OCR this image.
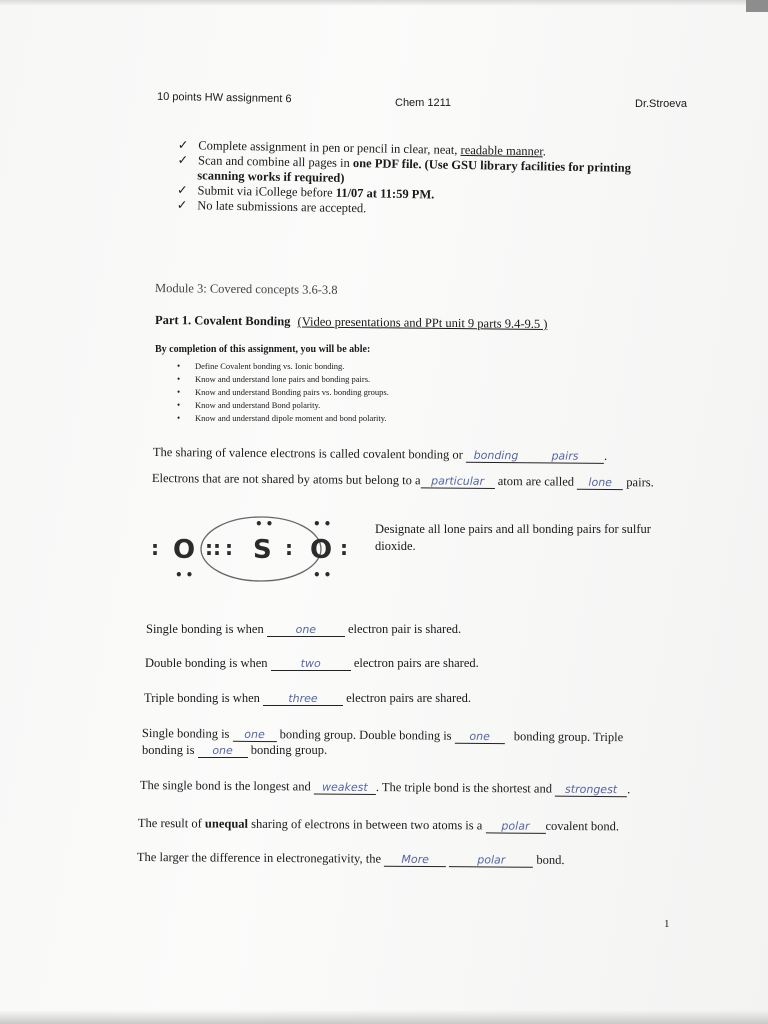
10 points HW assignment 6	Chem 1211	Dr.Stroeva
✓ Complete assignment in pen or pencil in clear, neat, readable manner.
✓ Scan and combine all pages in one PDF file. (Use GSU library facilities for printing
scanning works if required)
✓ Submit via iCollege before 11/07 at 11:59 PM.
✓ No late submissions are accepted.
Module 3: Covered concepts 3.6-3.8
Part 1. Covalent Bonding (Video presentations and PPt unit 9 parts 9.4-9.5 )
By completion of this assignment, you will be able:
• Define Covalent bonding vs. Ionic bonding.
• Know and understand lone pairs and bonding pairs.
• Know and understand Bonding pairs vs. bonding groups.
• Know and understand Bond polarity.
• Know and understand dipole moment and bond polarity.
The sharing of valence electrons is called covalent bonding or bonding	pairs .
Electrons that are not shared by atoms but belong to a particular atom are called lone pairs.
: O
••
:: :
••
S :
••
O :
••
Designate all lone pairs and all bonding pairs for sulfur
dioxide.
Single bonding is when	one	electron pair is shared.
Double bonding is when	two	electron pairs are shared.
Triple bonding is when	three electron pairs are shared.
Single bonding is one bonding group. Double bonding is one bonding group. Triple
bonding is one bonding group.
The single bond is the longest and weakest . The triple bond is the shortest and strongest .
The result of unequal sharing of electrons in between two atoms is a polar covalent bond.
The larger the difference in electronegativity, the More	polar bond.
1
